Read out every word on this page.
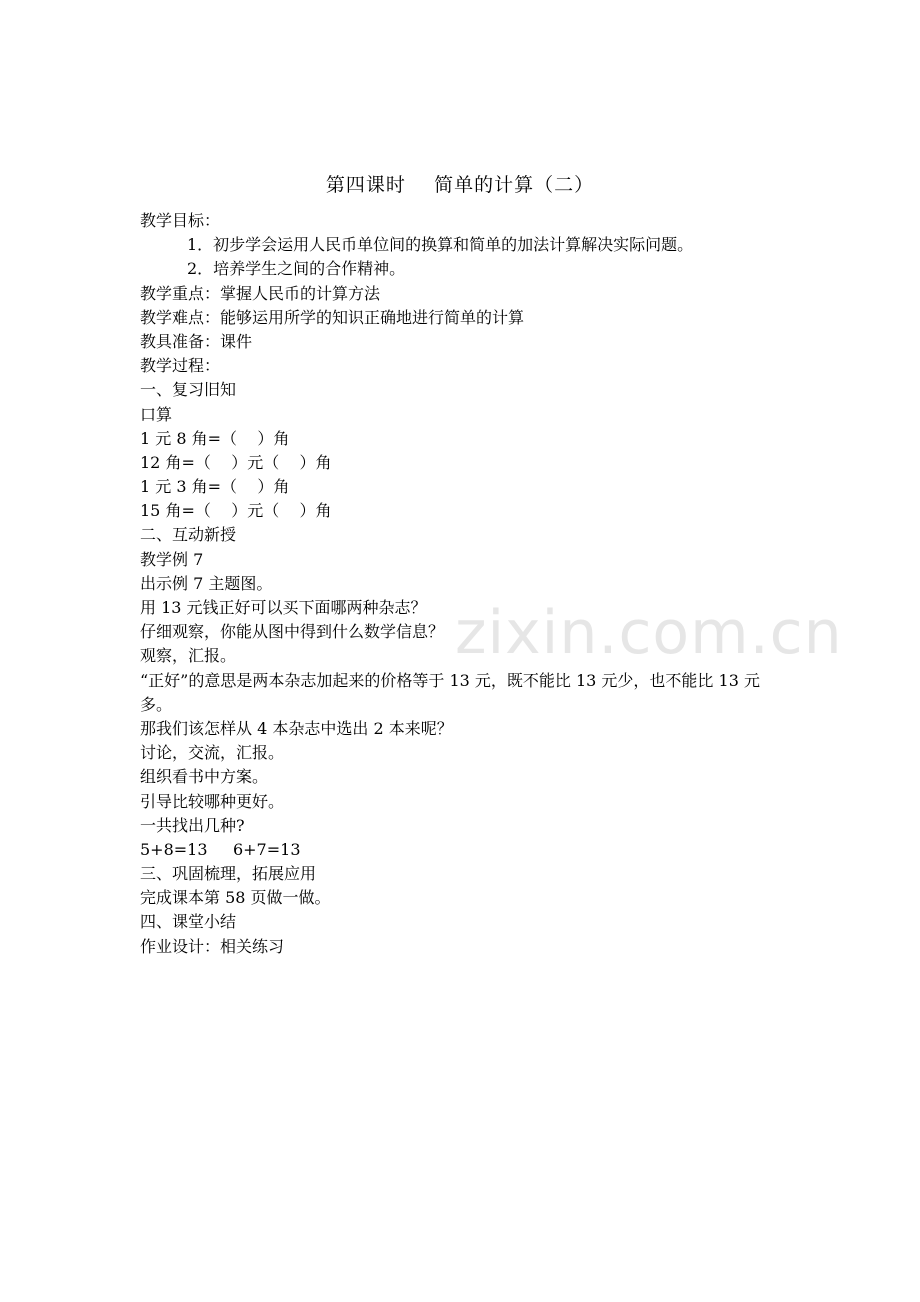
zixin.com.cn
第四课时    简单的计算（二）
教学目标：
1．初步学会运用人民币单位间的换算和简单的加法计算解决实际问题。
2．培养学生之间的合作精神。
教学重点：掌握人民币的计算方法
教学难点：能够运用所学的知识正确地进行简单的计算
教具准备：课件
教学过程：
一、复习旧知
口算
1 元 8 角=（    ）角
12 角=（    ）元（    ）角
1 元 3 角=（    ）角
15 角=（    ）元（    ）角
二、互动新授
教学例 7
出示例 7 主题图。
用 13 元钱正好可以买下面哪两种杂志？
仔细观察，你能从图中得到什么数学信息？
观察，汇报。
“正好”的意思是两本杂志加起来的价格等于 13 元，既不能比 13 元少，也不能比 13 元多。
那我们该怎样从 4 本杂志中选出 2 本来呢？
讨论，交流，汇报。
组织看书中方案。
引导比较哪种更好。
一共找出几种?
5+8=13     6+7=13
三、巩固梳理，拓展应用
完成课本第 58 页做一做。
四、课堂小结
作业设计：相关练习
